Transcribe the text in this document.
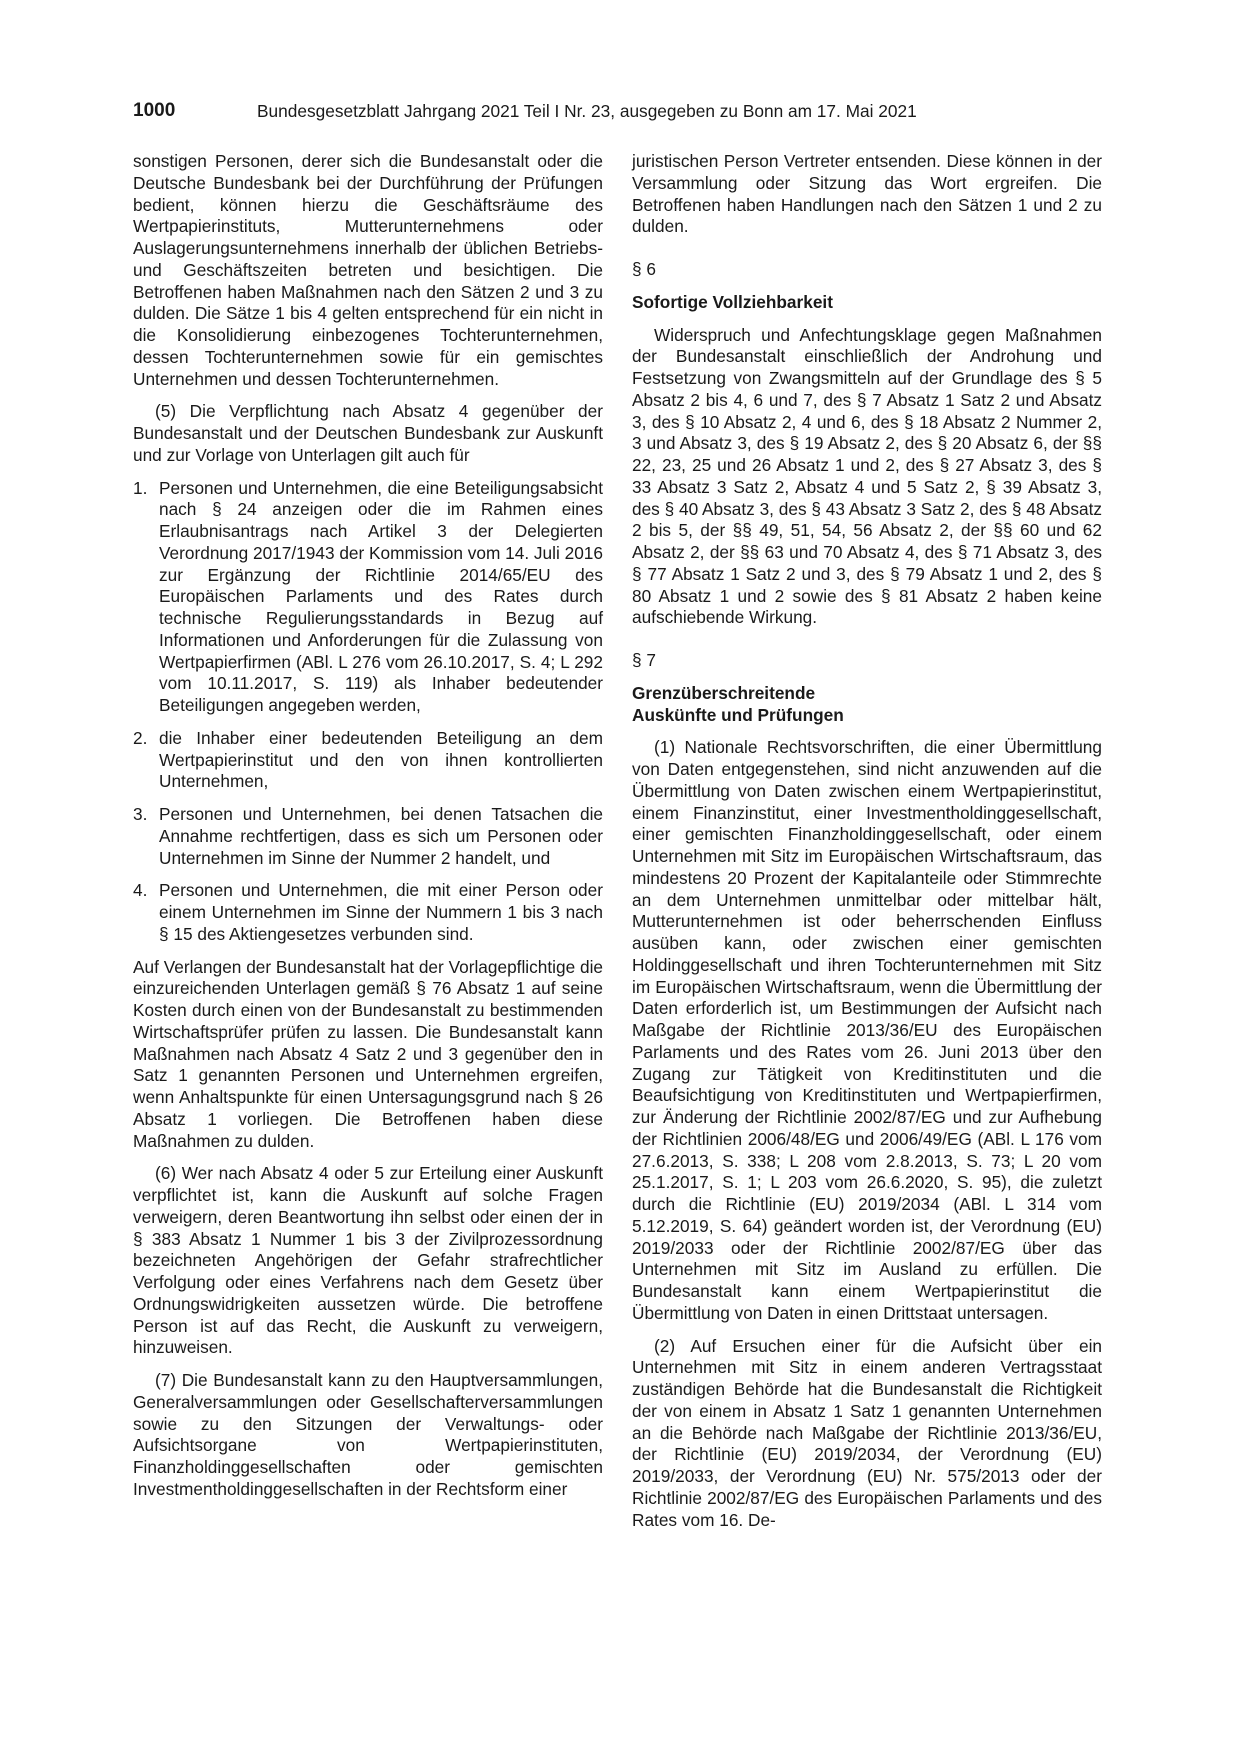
1000	Bundesgesetzblatt Jahrgang 2021 Teil I Nr. 23, ausgegeben zu Bonn am 17. Mai 2021

sonstigen Personen, derer sich die Bundesanstalt oder die Deutsche Bundesbank bei der Durchführung der Prüfungen bedient, können hierzu die Geschäftsräume des Wertpapierinstituts, Mutterunternehmens oder Auslagerungsunternehmens innerhalb der üblichen Betriebs- und Geschäftszeiten betreten und besichtigen. Die Betroffenen haben Maßnahmen nach den Sätzen 2 und 3 zu dulden. Die Sätze 1 bis 4 gelten entsprechend für ein nicht in die Konsolidierung einbezogenes Tochterunternehmen, dessen Tochterunternehmen sowie für ein gemischtes Unternehmen und dessen Tochterunternehmen.

(5) Die Verpflichtung nach Absatz 4 gegenüber der Bundesanstalt und der Deutschen Bundesbank zur Auskunft und zur Vorlage von Unterlagen gilt auch für

1. Personen und Unternehmen, die eine Beteiligungsabsicht nach § 24 anzeigen oder die im Rahmen eines Erlaubnisantrags nach Artikel 3 der Delegierten Verordnung 2017/1943 der Kommission vom 14. Juli 2016 zur Ergänzung der Richtlinie 2014/65/EU des Europäischen Parlaments und des Rates durch technische Regulierungsstandards in Bezug auf Informationen und Anforderungen für die Zulassung von Wertpapierfirmen (ABl. L 276 vom 26.10.2017, S. 4; L 292 vom 10.11.2017, S. 119) als Inhaber bedeutender Beteiligungen angegeben werden,
2. die Inhaber einer bedeutenden Beteiligung an dem Wertpapierinstitut und den von ihnen kontrollierten Unternehmen,
3. Personen und Unternehmen, bei denen Tatsachen die Annahme rechtfertigen, dass es sich um Personen oder Unternehmen im Sinne der Nummer 2 handelt, und
4. Personen und Unternehmen, die mit einer Person oder einem Unternehmen im Sinne der Nummern 1 bis 3 nach § 15 des Aktiengesetzes verbunden sind.

Auf Verlangen der Bundesanstalt hat der Vorlagepflichtige die einzureichenden Unterlagen gemäß § 76 Absatz 1 auf seine Kosten durch einen von der Bundesanstalt zu bestimmenden Wirtschaftsprüfer prüfen zu lassen. Die Bundesanstalt kann Maßnahmen nach Absatz 4 Satz 2 und 3 gegenüber den in Satz 1 genannten Personen und Unternehmen ergreifen, wenn Anhaltspunkte für einen Untersagungsgrund nach § 26 Absatz 1 vorliegen. Die Betroffenen haben diese Maßnahmen zu dulden.

(6) Wer nach Absatz 4 oder 5 zur Erteilung einer Auskunft verpflichtet ist, kann die Auskunft auf solche Fragen verweigern, deren Beantwortung ihn selbst oder einen der in § 383 Absatz 1 Nummer 1 bis 3 der Zivilprozessordnung bezeichneten Angehörigen der Gefahr strafrechtlicher Verfolgung oder eines Verfahrens nach dem Gesetz über Ordnungswidrigkeiten aussetzen würde. Die betroffene Person ist auf das Recht, die Auskunft zu verweigern, hinzuweisen.

(7) Die Bundesanstalt kann zu den Hauptversammlungen, Generalversammlungen oder Gesellschafterversammlungen sowie zu den Sitzungen der Verwaltungs- oder Aufsichtsorgane von Wertpapierinstituten, Finanzholdinggesellschaften oder gemischten Investmentholdinggesellschaften in der Rechtsform einer

juristischen Person Vertreter entsenden. Diese können in der Versammlung oder Sitzung das Wort ergreifen. Die Betroffenen haben Handlungen nach den Sätzen 1 und 2 zu dulden.

§ 6

Sofortige Vollziehbarkeit

Widerspruch und Anfechtungsklage gegen Maßnahmen der Bundesanstalt einschließlich der Androhung und Festsetzung von Zwangsmitteln auf der Grundlage des § 5 Absatz 2 bis 4, 6 und 7, des § 7 Absatz 1 Satz 2 und Absatz 3, des § 10 Absatz 2, 4 und 6, des § 18 Absatz 2 Nummer 2, 3 und Absatz 3, des § 19 Absatz 2, des § 20 Absatz 6, der §§ 22, 23, 25 und 26 Absatz 1 und 2, des § 27 Absatz 3, des § 33 Absatz 3 Satz 2, Absatz 4 und 5 Satz 2, § 39 Absatz 3, des § 40 Absatz 3, des § 43 Absatz 3 Satz 2, des § 48 Absatz 2 bis 5, der §§ 49, 51, 54, 56 Absatz 2, der §§ 60 und 62 Absatz 2, der §§ 63 und 70 Absatz 4, des § 71 Absatz 3, des § 77 Absatz 1 Satz 2 und 3, des § 79 Absatz 1 und 2, des § 80 Absatz 1 und 2 sowie des § 81 Absatz 2 haben keine aufschiebende Wirkung.

§ 7

Grenzüberschreitende

Auskünfte und Prüfungen

(1) Nationale Rechtsvorschriften, die einer Übermittlung von Daten entgegenstehen, sind nicht anzuwenden auf die Übermittlung von Daten zwischen einem Wertpapierinstitut, einem Finanzinstitut, einer Investmentholdinggesellschaft, einer gemischten Finanzholdinggesellschaft, oder einem Unternehmen mit Sitz im Europäischen Wirtschaftsraum, das mindestens 20 Prozent der Kapitalanteile oder Stimmrechte an dem Unternehmen unmittelbar oder mittelbar hält, Mutterunternehmen ist oder beherrschenden Einfluss ausüben kann, oder zwischen einer gemischten Holdinggesellschaft und ihren Tochterunternehmen mit Sitz im Europäischen Wirtschaftsraum, wenn die Übermittlung der Daten erforderlich ist, um Bestimmungen der Aufsicht nach Maßgabe der Richtlinie 2013/36/EU des Europäischen Parlaments und des Rates vom 26. Juni 2013 über den Zugang zur Tätigkeit von Kreditinstituten und die Beaufsichtigung von Kreditinstituten und Wertpapierfirmen, zur Änderung der Richtlinie 2002/87/EG und zur Aufhebung der Richtlinien 2006/48/EG und 2006/49/EG (ABl. L 176 vom 27.6.2013, S. 338; L 208 vom 2.8.2013, S. 73; L 20 vom 25.1.2017, S. 1; L 203 vom 26.6.2020, S. 95), die zuletzt durch die Richtlinie (EU) 2019/2034 (ABl. L 314 vom 5.12.2019, S. 64) geändert worden ist, der Verordnung (EU) 2019/2033 oder der Richtlinie 2002/87/EG über das Unternehmen mit Sitz im Ausland zu erfüllen. Die Bundesanstalt kann einem Wertpapierinstitut die Übermittlung von Daten in einen Drittstaat untersagen.

(2) Auf Ersuchen einer für die Aufsicht über ein Unternehmen mit Sitz in einem anderen Vertragsstaat zuständigen Behörde hat die Bundesanstalt die Richtigkeit der von einem in Absatz 1 Satz 1 genannten Unternehmen an die Behörde nach Maßgabe der Richtlinie 2013/36/EU, der Richtlinie (EU) 2019/2034, der Verordnung (EU) 2019/2033, der Verordnung (EU) Nr. 575/2013 oder der Richtlinie 2002/87/EG des Europäischen Parlaments und des Rates vom 16. De-
